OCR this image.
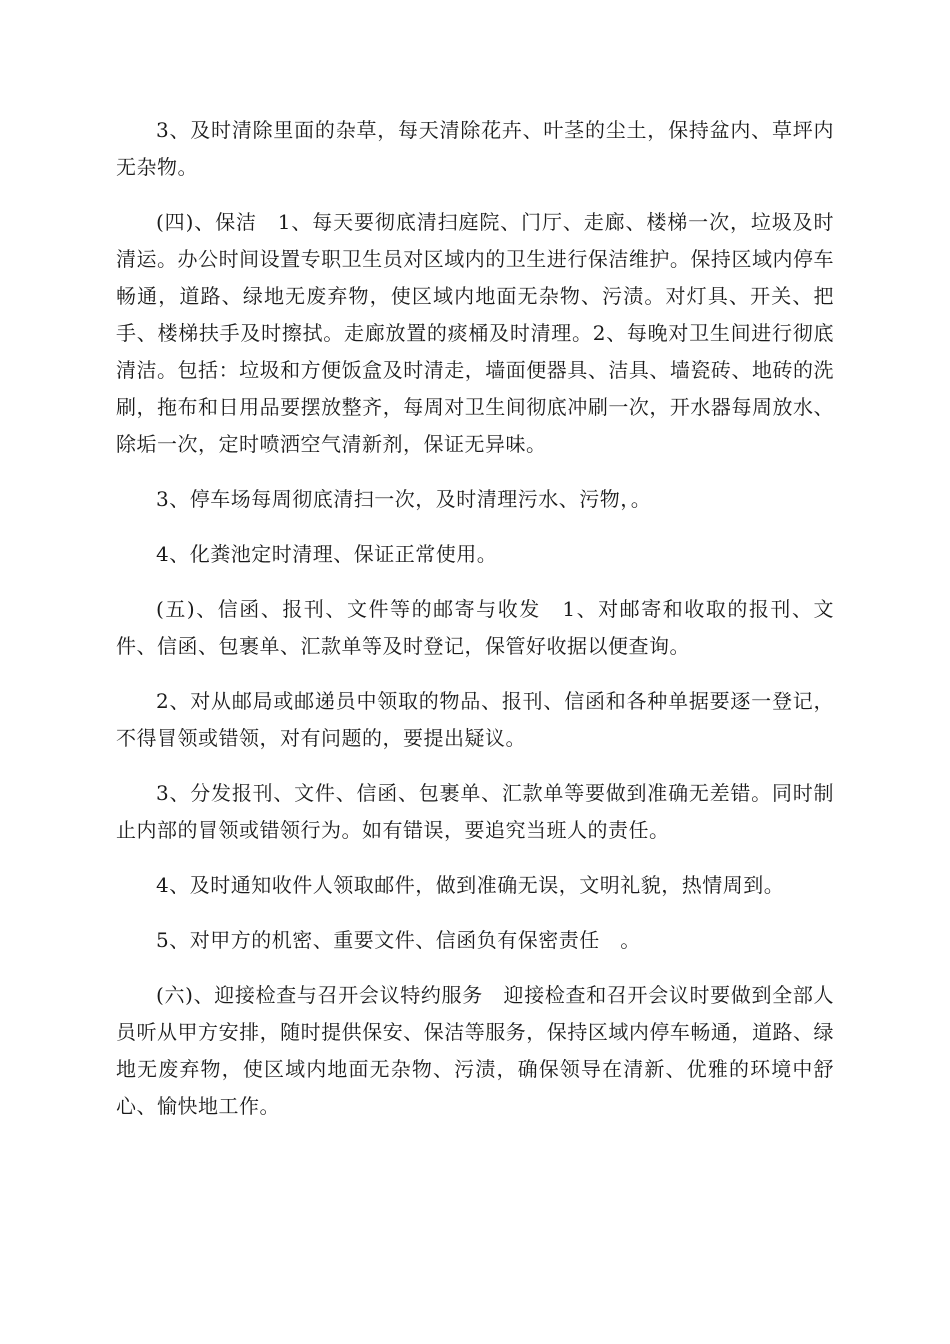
3、及时清除里面的杂草，每天清除花卉、叶茎的尘土，保持盆内、草坪内无杂物。

(四)、保洁　1、每天要彻底清扫庭院、门厅、走廊、楼梯一次，垃圾及时清运。办公时间设置专职卫生员对区域内的卫生进行保洁维护。保持区域内停车畅通，道路、绿地无废弃物，使区域内地面无杂物、污渍。对灯具、开关、把手、楼梯扶手及时擦拭。走廊放置的痰桶及时清理。2、每晚对卫生间进行彻底清洁。包括：垃圾和方便饭盒及时清走，墙面便器具、洁具、墙瓷砖、地砖的洗刷，拖布和日用品要摆放整齐，每周对卫生间彻底冲刷一次，开水器每周放水、除垢一次，定时喷洒空气清新剂，保证无异味。

3、停车场每周彻底清扫一次，及时清理污水、污物，。

4、化粪池定时清理、保证正常使用。

(五)、信函、报刊、文件等的邮寄与收发　1、对邮寄和收取的报刊、文件、信函、包裹单、汇款单等及时登记，保管好收据以便查询。

2、对从邮局或邮递员中领取的物品、报刊、信函和各种单据要逐一登记，不得冒领或错领，对有问题的，要提出疑议。

3、分发报刊、文件、信函、包裹单、汇款单等要做到准确无差错。同时制止内部的冒领或错领行为。如有错误，要追究当班人的责任。

4、及时通知收件人领取邮件，做到准确无误，文明礼貌，热情周到。

5、对甲方的机密、重要文件、信函负有保密责任　。

(六)、迎接检查与召开会议特约服务　迎接检查和召开会议时要做到全部人员听从甲方安排，随时提供保安、保洁等服务，保持区域内停车畅通，道路、绿地无废弃物，使区域内地面无杂物、污渍，确保领导在清新、优雅的环境中舒心、愉快地工作。
